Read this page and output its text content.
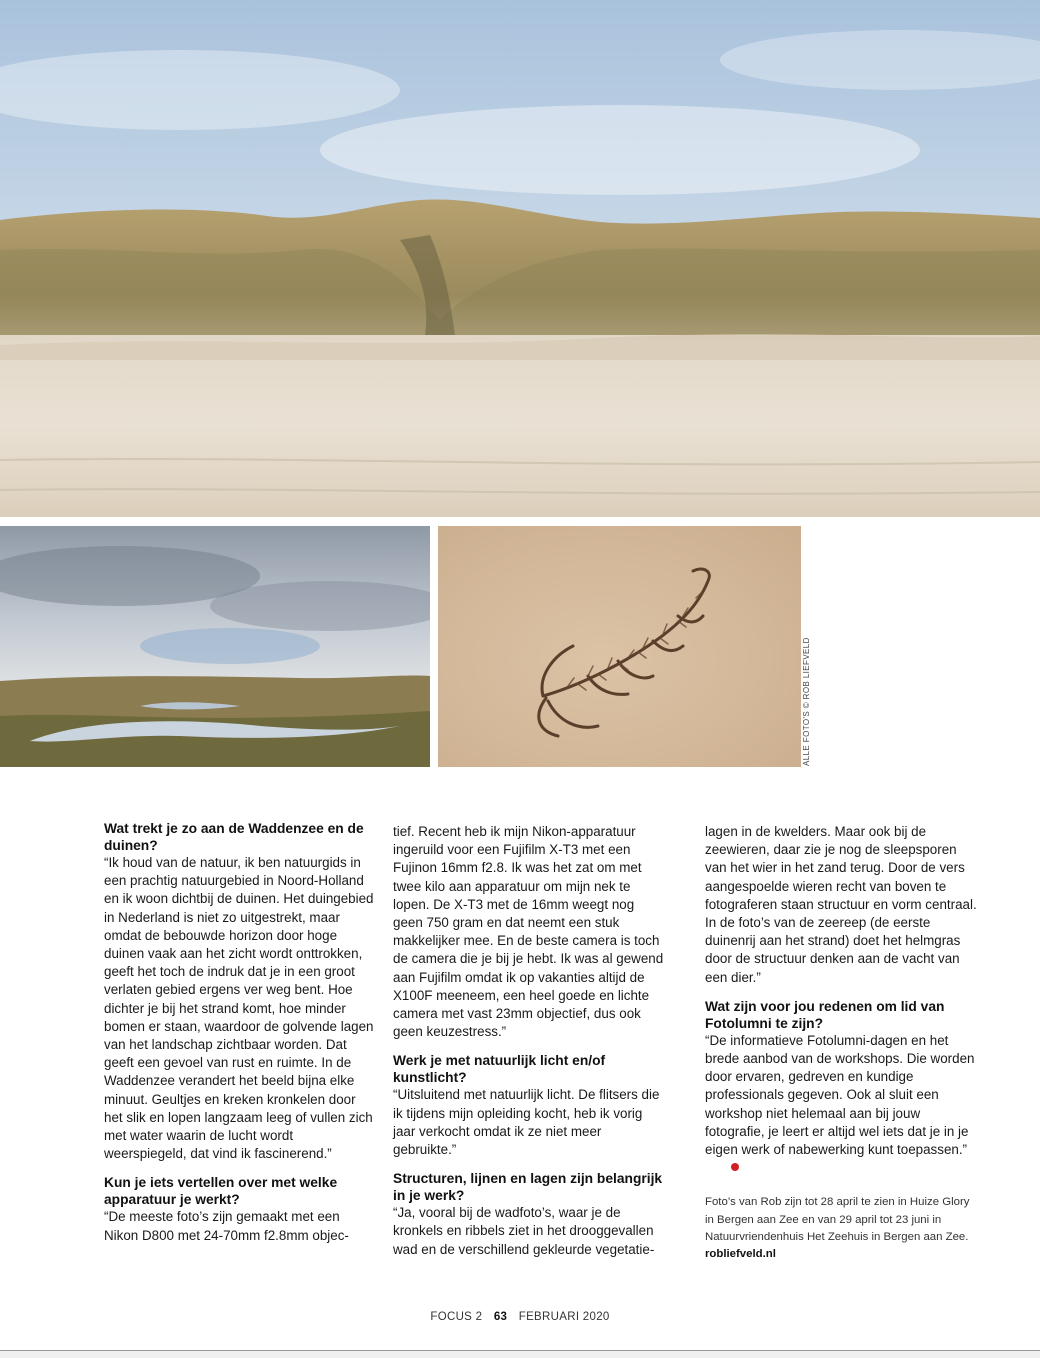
ALLE FOTO'S © ROB LIEFVELD
Wat trekt je zo aan de Waddenzee en de duinen?

“Ik houd van de natuur, ik ben natuurgids in een prachtig natuurgebied in Noord-Holland en ik woon dichtbij de duinen. Het duingebied in Nederland is niet zo uitgestrekt, maar omdat de bebouwde horizon door hoge duinen vaak aan het zicht wordt onttrokken, geeft het toch de indruk dat je in een groot verlaten gebied ergens ver weg bent. Hoe dichter je bij het strand komt, hoe minder bomen er staan, waardoor de golvende lagen van het landschap zichtbaar worden. Dat geeft een gevoel van rust en ruimte. In de Waddenzee verandert het beeld bijna elke minuut. Geultjes en kreken kronkelen door het slik en lopen langzaam leeg of vullen zich met water waarin de lucht wordt weerspiegeld, dat vind ik fascinerend.”

Kun je iets vertellen over met welke apparatuur je werkt?

“De meeste foto’s zijn gemaakt met een Nikon D800 met 24-70mm f2.8mm objec-

tief. Recent heb ik mijn Nikon-apparatuur ingeruild voor een Fujifilm X-T3 met een Fujinon 16mm f2.8. Ik was het zat om met twee kilo aan apparatuur om mijn nek te lopen. De X-T3 met de 16mm weegt nog geen 750 gram en dat neemt een stuk makkelijker mee. En de beste camera is toch de camera die je bij je hebt. Ik was al gewend aan Fujifilm omdat ik op vakanties altijd de X100F meeneem, een heel goede en lichte camera met vast 23mm objectief, dus ook geen keuzestress.”

Werk je met natuurlijk licht en/of kunstlicht?

“Uitsluitend met natuurlijk licht. De flitsers die ik tijdens mijn opleiding kocht, heb ik vorig jaar verkocht omdat ik ze niet meer gebruikte.”

Structuren, lijnen en lagen zijn belangrijk in je werk?

“Ja, vooral bij de wadfoto’s, waar je de kronkels en ribbels ziet in het drooggevallen wad en de verschillend gekleurde vegetatie-

lagen in de kwelders. Maar ook bij de zeewieren, daar zie je nog de sleepsporen van het wier in het zand terug. Door de vers aangespoelde wieren recht van boven te fotograferen staan structuur en vorm centraal. In de foto’s van de zeereep (de eerste duinenrij aan het strand) doet het helmgras door de structuur denken aan de vacht van een dier.”

Wat zijn voor jou redenen om lid van Fotolumni te zijn?

“De informatieve Fotolumni-dagen en het brede aanbod van de workshops. Die worden door ervaren, gedreven en kundige professionals gegeven. Ook al sluit een workshop niet helemaal aan bij jouw fotografie, je leert er altijd wel iets dat je in je eigen werk of nabewerking kunt toepassen.”

Foto’s van Rob zijn tot 28 april te zien in Huize Glory in Bergen aan Zee en van 29 april tot 23 juni in Natuurvriendenhuis Het Zeehuis in Bergen aan Zee.
robliefveld.nl
FOCUS 2 63 FEBRUARI 2020
